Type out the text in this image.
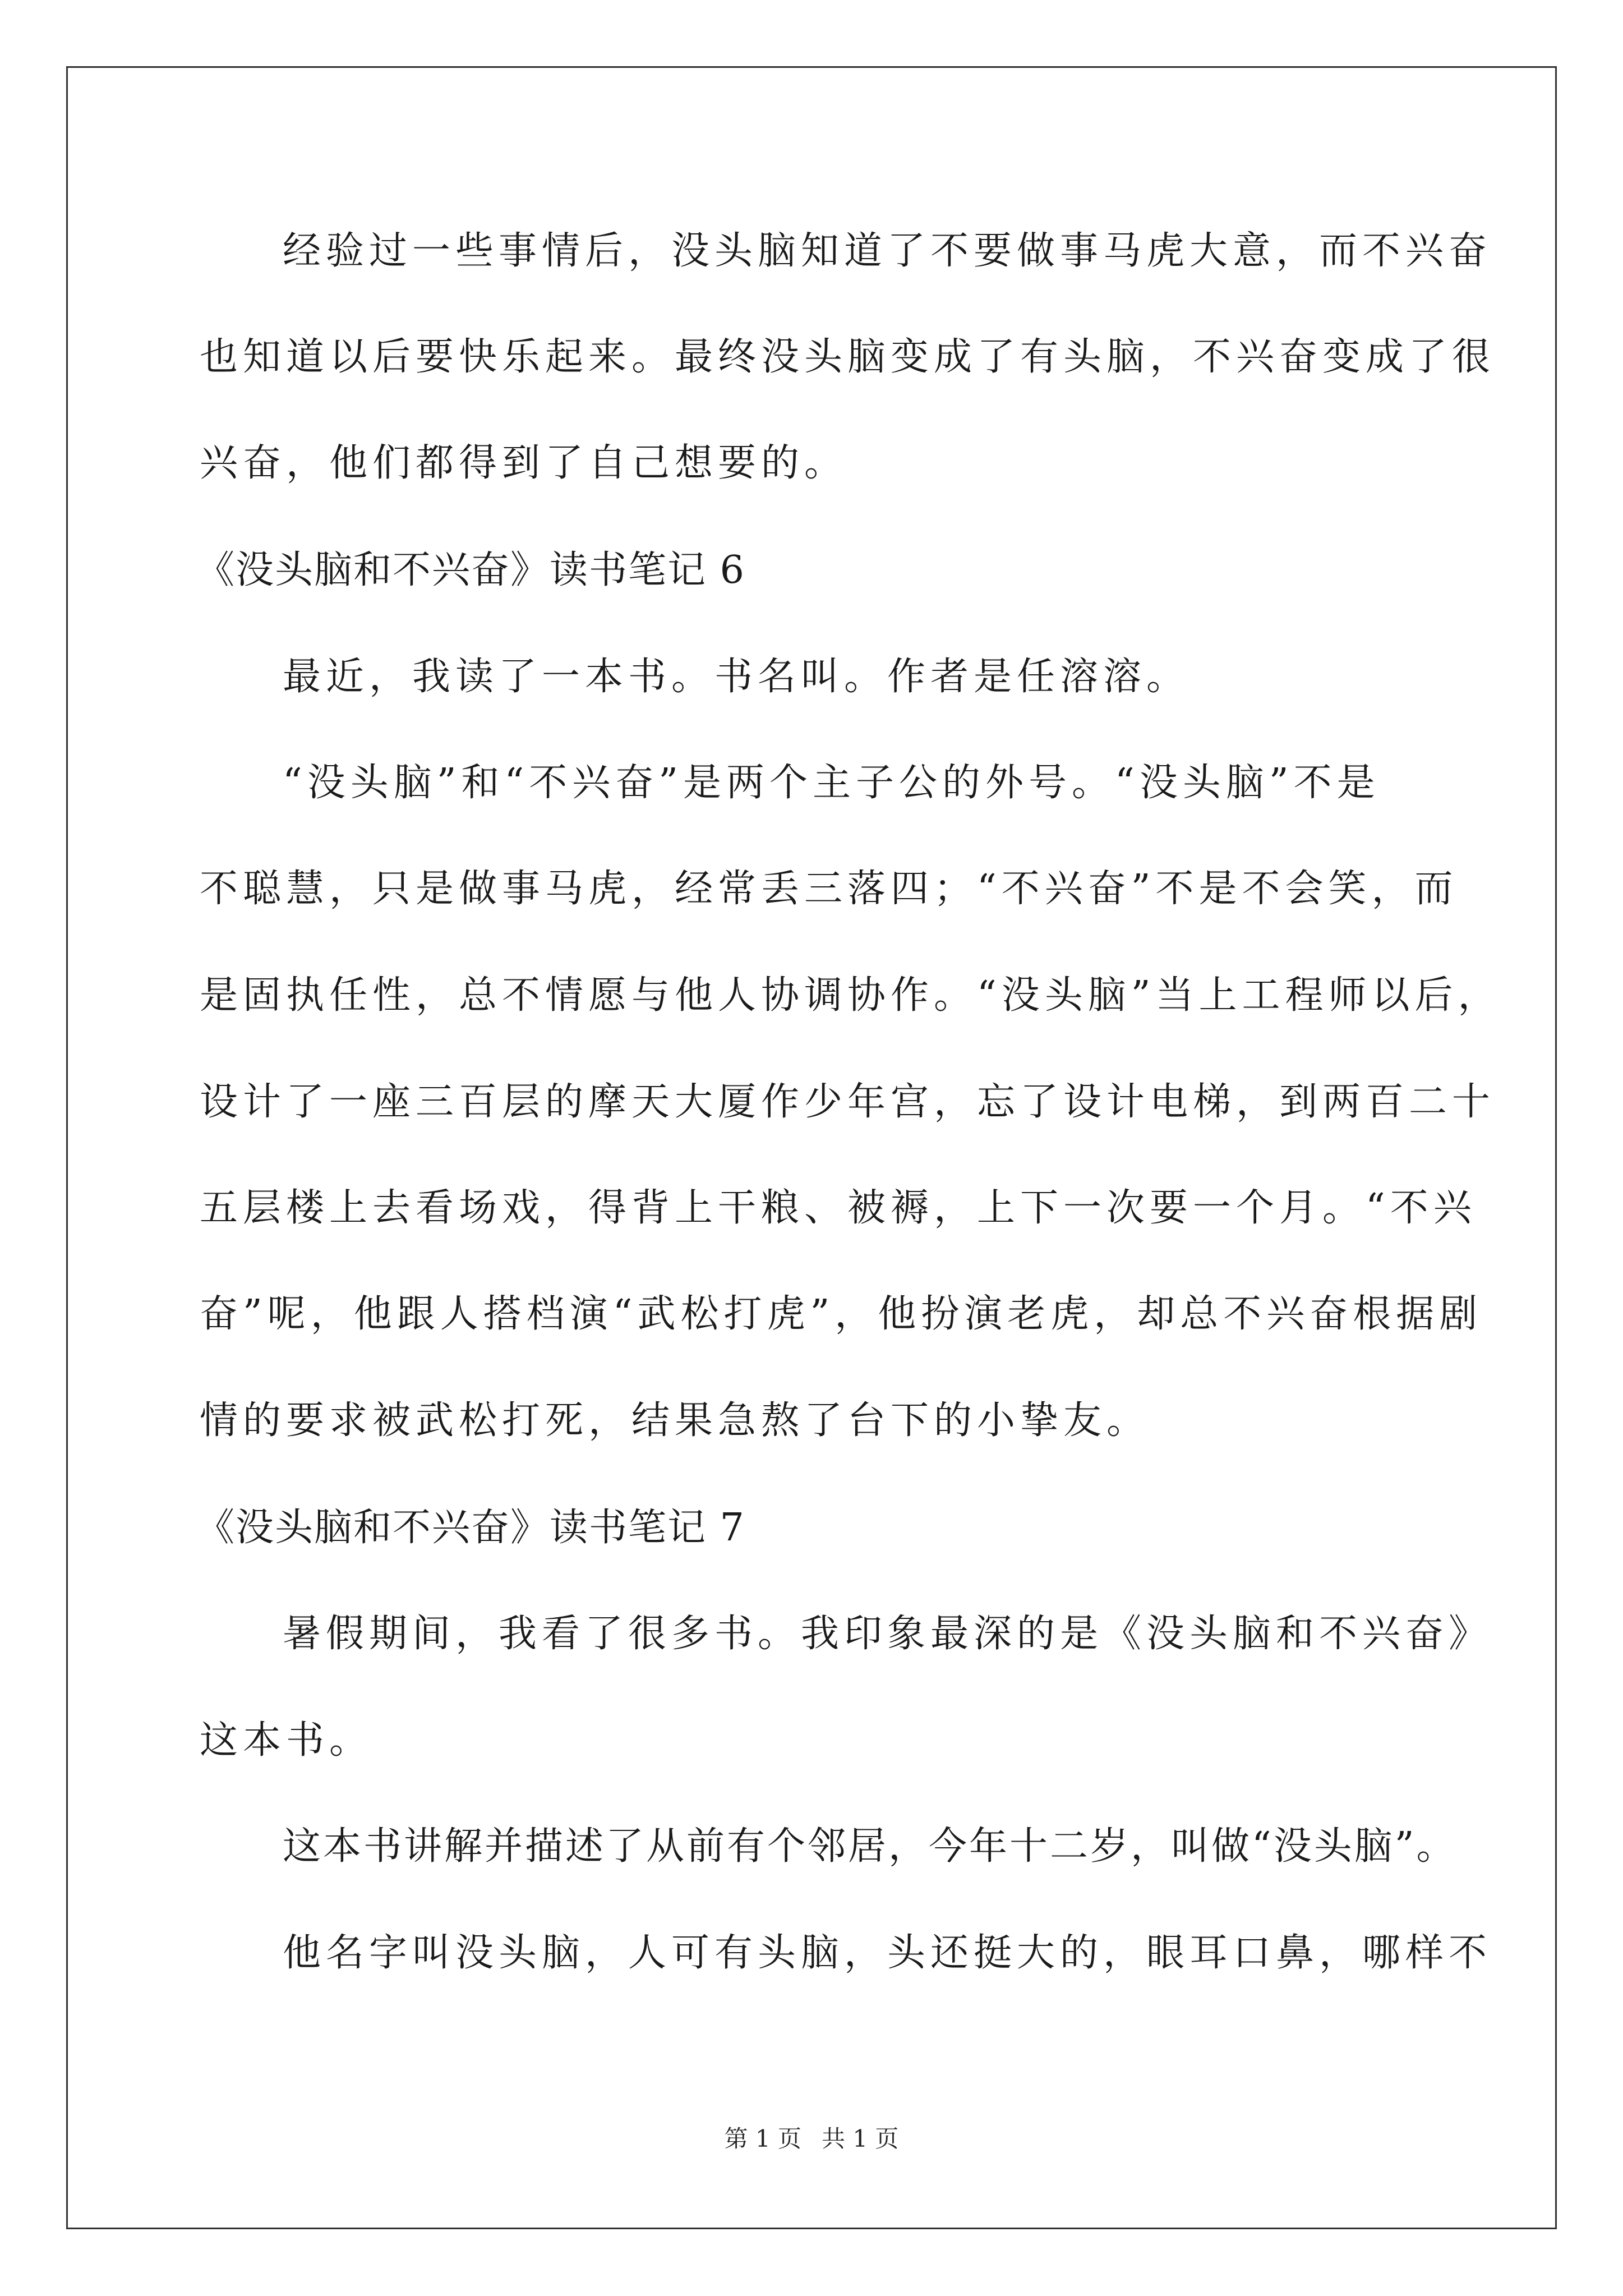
经验过一些事情后，没头脑知道了不要做事马虎大意，而不兴奋
也知道以后要快乐起来。最终没头脑变成了有头脑，不兴奋变成了很
兴奋，他们都得到了自己想要的。
《没头脑和不兴奋》读书笔记 6
最近，我读了一本书。书名叫。作者是任溶溶。
“没头脑”和“不兴奋”是两个主子公的外号。“没头脑”不是
不聪慧，只是做事马虎，经常丢三落四；“不兴奋”不是不会笑，而
是固执任性，总不情愿与他人协调协作。“没头脑”当上工程师以后，
设计了一座三百层的摩天大厦作少年宫，忘了设计电梯，到两百二十
五层楼上去看场戏，得背上干粮、被褥，上下一次要一个月。“不兴
奋”呢，他跟人搭档演“武松打虎”，他扮演老虎，却总不兴奋根据剧
情的要求被武松打死，结果急熬了台下的小挚友。
《没头脑和不兴奋》读书笔记 7
暑假期间，我看了很多书。我印象最深的是《没头脑和不兴奋》
这本书。
这本书讲解并描述了从前有个邻居，今年十二岁，叫做“没头脑”。
他名字叫没头脑，人可有头脑，头还挺大的，眼耳口鼻，哪样不
第 1 页 共 1 页
